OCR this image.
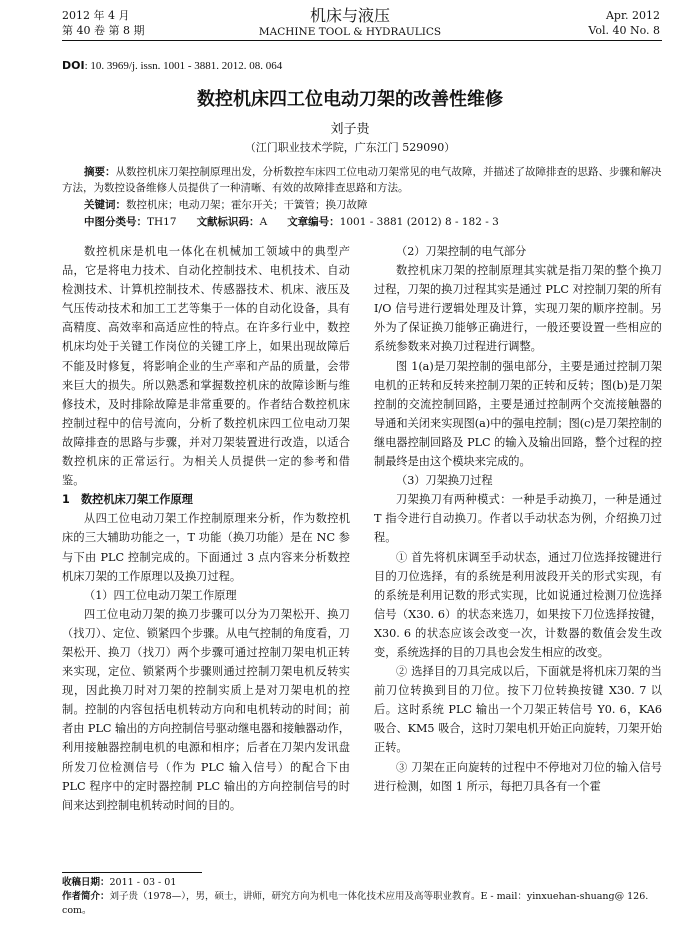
2012 年 4 月
第 40 卷 第 8 期
机床与液压
MACHINE TOOL & HYDRAULICS
Apr. 2012
Vol. 40 No. 8
DOI: 10. 3969/j. issn. 1001 - 3881. 2012. 08. 064
数控机床四工位电动刀架的改善性维修
刘子贵
（江门职业技术学院，广东江门 529090）

摘要：从数控机床刀架控制原理出发，分析数控车床四工位电动刀架常见的电气故障，并描述了故障排查的思路、步骤和解决方法，为数控设备维修人员提供了一种清晰、有效的故障排查思路和方法。

关键词：数控机床；电动刀架；霍尔开关；干簧管；换刀故障
中图分类号：TH17 文献标识码：A 文章编号：1001 - 3881 (2012) 8 - 182 - 3

数控机床是机电一体化在机械加工领域中的典型产品，它是将电力技术、自动化控制技术、电机技术、自动检测技术、计算机控制技术、传感器技术、机床、液压及气压传动技术和加工工艺等集于一体的自动化设备，具有高精度、高效率和高适应性的特点。在许多行业中，数控机床均处于关键工作岗位的关键工序上，如果出现故障后不能及时修复，将影响企业的生产率和产品的质量，会带来巨大的损失。所以熟悉和掌握数控机床的故障诊断与维修技术，及时排除故障是非常重要的。作者结合数控机床控制过程中的信号流向，分析了数控机床四工位电动刀架故障排查的思路与步骤，并对刀架装置进行改造，以适合数控机床的正常运行。为相关人员提供一定的参考和借鉴。

1　数控机床刀架工作原理

从四工位电动刀架工作控制原理来分析，作为数控机床的三大辅助功能之一，T 功能（换刀功能）是在 NC 参与下由 PLC 控制完成的。下面通过 3 点内容来分析数控机床刀架的工作原理以及换刀过程。

（1）四工位电动刀架工作原理

四工位电动刀架的换刀步骤可以分为刀架松开、换刀（找刀）、定位、锁紧四个步骤。从电气控制的角度看，刀架松开、换刀（找刀）两个步骤可通过控制刀架电机正转来实现，定位、锁紧两个步骤则通过控制刀架电机反转实现，因此换刀时对刀架的控制实质上是对刀架电机的控制。控制的内容包括电机转动方向和电机转动的时间；前者由 PLC 输出的方向控制信号驱动继电器和接触器动作，利用接触器控制电机的电源和相序；后者在刀架内发讯盘所发刀位检测信号（作为 PLC 输入信号）的配合下由 PLC 程序中的定时器控制 PLC 输出的方向控制信号的时间来达到控制电机转动时间的目的。

（2）刀架控制的电气部分

数控机床刀架的控制原理其实就是指刀架的整个换刀过程，刀架的换刀过程其实是通过 PLC 对控制刀架的所有 I/O 信号进行逻辑处理及计算，实现刀架的顺序控制。另外为了保证换刀能够正确进行，一般还要设置一些相应的系统参数来对换刀过程进行调整。

图 1(a)是刀架控制的强电部分，主要是通过控制刀架电机的正转和反转来控制刀架的正转和反转；图(b)是刀架控制的交流控制回路，主要是通过控制两个交流接触器的导通和关闭来实现图(a)中的强电控制；图(c)是刀架控制的继电器控制回路及 PLC 的输入及输出回路，整个过程的控制最终是由这个模块来完成的。

（3）刀架换刀过程

刀架换刀有两种模式：一种是手动换刀，一种是通过 T 指令进行自动换刀。作者以手动状态为例，介绍换刀过程。

① 首先将机床调至手动状态，通过刀位选择按键进行目的刀位选择，有的系统是利用波段开关的形式实现，有的系统是利用记数的形式实现，比如说通过检测刀位选择信号（X30. 6）的状态来选刀，如果按下刀位选择按键，X30. 6 的状态应该会改变一次，计数器的数值会发生改变，系统选择的目的刀具也会发生相应的改变。

② 选择目的刀具完成以后，下面就是将机床刀架的当前刀位转换到目的刀位。按下刀位转换按键 X30. 7 以后。这时系统 PLC 输出一个刀架正转信号 Y0. 6，KA6 吸合、KM5 吸合，这时刀架电机开始正向旋转，刀架开始正转。

③ 刀架在正向旋转的过程中不停地对刀位的输入信号进行检测，如图 1 所示，每把刀具各有一个霍

收稿日期：2011 - 03 - 01

作者简介：刘子贵（1978—），男，硕士，讲师，研究方向为机电一体化技术应用及高等职业教育。E - mail：yinxuehan-shuang@ 126. com。
